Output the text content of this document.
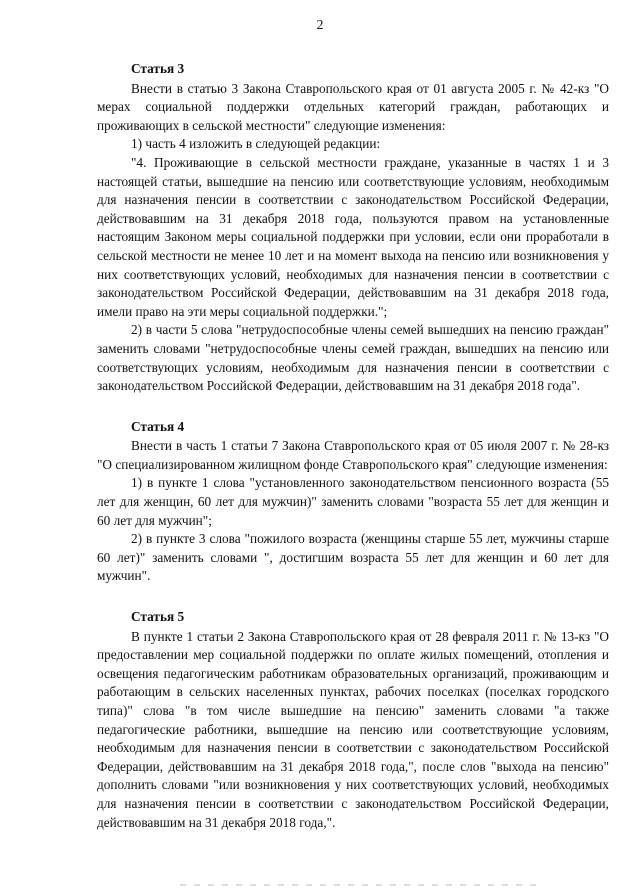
2

Статья 3

Внести в статью 3 Закона Ставропольского края от 01 августа 2005 г. № 42-кз "О мерах социальной поддержки отдельных категорий граждан, работающих и проживающих в сельской местности" следующие изменения:

1) часть 4 изложить в следующей редакции:

"4. Проживающие в сельской местности граждане, указанные в частях 1 и 3 настоящей статьи, вышедшие на пенсию или соответствующие условиям, необходимым для назначения пенсии в соответствии с законодательством Российской Федерации, действовавшим на 31 декабря 2018 года, пользуются правом на установленные настоящим Законом меры социальной поддержки при условии, если они проработали в сельской местности не менее 10 лет и на момент выхода на пенсию или возникновения у них соответствующих условий, необходимых для назначения пенсии в соответствии с законодательством Российской Федерации, действовавшим на 31 декабря 2018 года, имели право на эти меры социальной поддержки.";

2) в части 5 слова "нетрудоспособные члены семей вышедших на пенсию граждан" заменить словами "нетрудоспособные члены семей граждан, вышедших на пенсию или соответствующих условиям, необходимым для назначения пенсии в соответствии с законодательством Российской Федерации, действовавшим на 31 декабря 2018 года".

Статья 4

Внести в часть 1 статьи 7 Закона Ставропольского края от 05 июля 2007 г. № 28-кз "О специализированном жилищном фонде Ставропольского края" следующие изменения:

1) в пункте 1 слова "установленного законодательством пенсионного возраста (55 лет для женщин, 60 лет для мужчин)" заменить словами "возраста 55 лет для женщин и 60 лет для мужчин";

2) в пункте 3 слова "пожилого возраста (женщины старше 55 лет, мужчины старше 60 лет)" заменить словами ", достигшим возраста 55 лет для женщин и 60 лет для мужчин".

Статья 5

В пункте 1 статьи 2 Закона Ставропольского края от 28 февраля 2011 г. № 13-кз "О предоставлении мер социальной поддержки по оплате жилых помещений, отопления и освещения педагогическим работникам образовательных организаций, проживающим и работающим в сельских населенных пунктах, рабочих поселках (поселках городского типа)" слова "в том числе вышедшие на пенсию" заменить словами "а также педагогические работники, вышедшие на пенсию или соответствующие условиям, необходимым для назначения пенсии в соответствии с законодательством Российской Федерации, действовавшим на 31 декабря 2018 года,", после слов "выхода на пенсию" дополнить словами "или возникновения у них соответствующих условий, необходимых для назначения пенсии в соответствии с законодательством Российской Федерации, действовавшим на 31 декабря 2018 года,".
